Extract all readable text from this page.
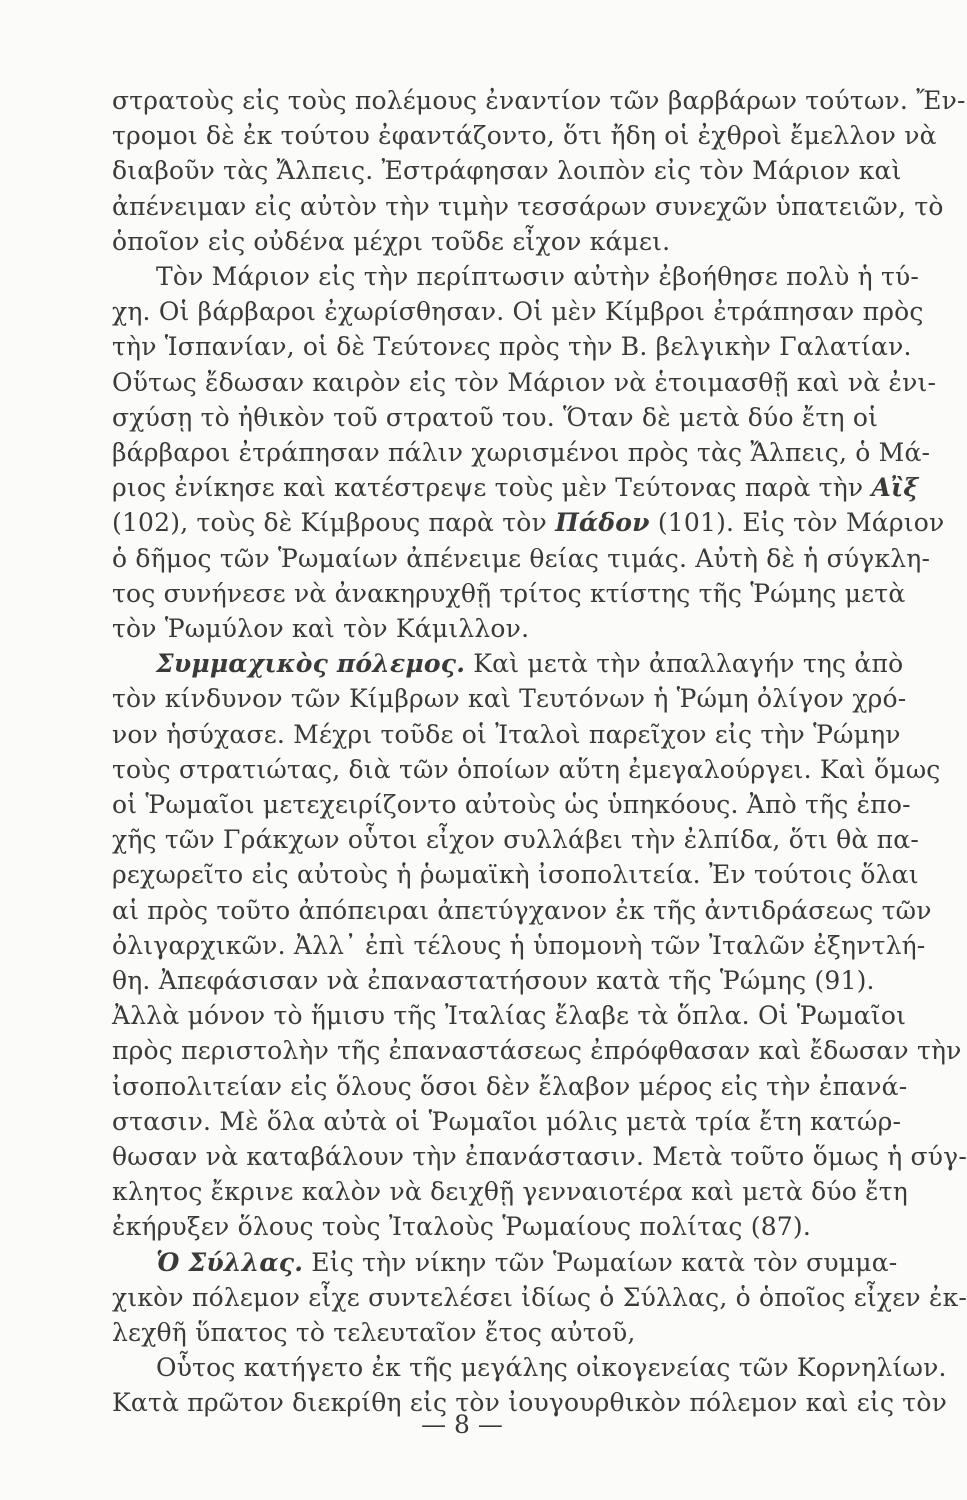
στρατοὺς εἰς τοὺς πολέμους ἐναντίον τῶν βαρβάρων τούτων. Ἔν-
τρομοι δὲ ἐκ τούτου ἐφαντάζοντο, ὅτι ἤδη οἱ ἐχθροὶ ἔμελλον νὰ
διαβοῦν τὰς Ἄλπεις. Ἐστράφησαν λοιπὸν εἰς τὸν Μάριον καὶ
ἀπένειμαν εἰς αὐτὸν τὴν τιμὴν τεσσάρων συνεχῶν ὑπατειῶν, τὸ
ὁποῖον εἰς οὐδένα μέχρι τοῦδε εἶχον κάμει.
Τὸν Μάριον εἰς τὴν περίπτωσιν αὐτὴν ἐβοήθησε πολὺ ἡ τύ-
χη. Οἱ βάρβαροι ἐχωρίσθησαν. Οἱ μὲν Κίμβροι ἐτράπησαν πρὸς
τὴν Ἱσπανίαν, οἱ δὲ Τεύτονες πρὸς τὴν Β. βελγικὴν Γαλατίαν.
Οὕτως ἔδωσαν καιρὸν εἰς τὸν Μάριον νὰ ἑτοιμασθῇ καὶ νὰ ἐνι-
σχύσῃ τὸ ἠθικὸν τοῦ στρατοῦ του. Ὅταν δὲ μετὰ δύο ἔτη οἱ
βάρβαροι ἐτράπησαν πάλιν χωρισμένοι πρὸς τὰς Ἄλπεις, ὁ Μά-
ριος ἐνίκησε καὶ κατέστρεψε τοὺς μὲν Τεύτονας παρὰ τὴν Αἲξ
(102), τοὺς δὲ Κίμβρους παρὰ τὸν Πάδον (101). Εἰς τὸν Μάριον
ὁ δῆμος τῶν Ῥωμαίων ἀπένειμε θείας τιμάς. Αὐτὴ δὲ ἡ σύγκλη-
τος συνήνεσε νὰ ἀνακηρυχθῇ τρίτος κτίστης τῆς Ῥώμης μετὰ
τὸν Ῥωμύλον καὶ τὸν Κάμιλλον.
Συμμαχικὸς πόλεμος. Καὶ μετὰ τὴν ἀπαλλαγήν της ἀπὸ
τὸν κίνδυνον τῶν Κίμβρων καὶ Τευτόνων ἡ Ῥώμη ὀλίγον χρό-
νον ἡσύχασε. Μέχρι τοῦδε οἱ Ἰταλοὶ παρεῖχον εἰς τὴν Ῥώμην
τοὺς στρατιώτας, διὰ τῶν ὁποίων αὕτη ἐμεγαλούργει. Καὶ ὅμως
οἱ Ῥωμαῖοι μετεχειρίζοντο αὐτοὺς ὡς ὑπηκόους. Ἀπὸ τῆς ἐπο-
χῆς τῶν Γράκχων οὗτοι εἶχον συλλάβει τὴν ἐλπίδα, ὅτι θὰ πα-
ρεχωρεῖτο εἰς αὐτοὺς ἡ ῥωμαϊκὴ ἰσοπολιτεία. Ἐν τούτοις ὅλαι
αἱ πρὸς τοῦτο ἀπόπειραι ἀπετύγχανον ἐκ τῆς ἀντιδράσεως τῶν
ὀλιγαρχικῶν. Ἀλλ᾽ ἐπὶ τέλους ἡ ὑπομονὴ τῶν Ἰταλῶν ἐξηντλή-
θη. Ἀπεφάσισαν νὰ ἐπαναστατήσουν κατὰ τῆς Ῥώμης (91).
Ἀλλὰ μόνον τὸ ἥμισυ τῆς Ἰταλίας ἔλαβε τὰ ὅπλα. Οἱ Ῥωμαῖοι
πρὸς περιστολὴν τῆς ἐπαναστάσεως ἐπρόφθασαν καὶ ἔδωσαν τὴν
ἰσοπολιτείαν εἰς ὅλους ὅσοι δὲν ἔλαβον μέρος εἰς τὴν ἐπανά-
στασιν. Μὲ ὅλα αὐτὰ οἱ Ῥωμαῖοι μόλις μετὰ τρία ἔτη κατώρ-
θωσαν νὰ καταβάλουν τὴν ἐπανάστασιν. Μετὰ τοῦτο ὅμως ἡ σύγ-
κλητος ἔκρινε καλὸν νὰ δειχθῇ γενναιοτέρα καὶ μετὰ δύο ἔτη
ἐκήρυξεν ὅλους τοὺς Ἰταλοὺς Ῥωμαίους πολίτας (87).
Ὁ Σύλλας. Εἰς τὴν νίκην τῶν Ῥωμαίων κατὰ τὸν συμμα-
χικὸν πόλεμον εἶχε συντελέσει ἰδίως ὁ Σύλλας, ὁ ὁποῖος εἶχεν ἐκ-
λεχθῆ ὕπατος τὸ τελευταῖον ἔτος αὐτοῦ,
Οὗτος κατήγετο ἐκ τῆς μεγάλης οἰκογενείας τῶν Κορνηλίων.
Κατὰ πρῶτον διεκρίθη εἰς τὸν ἰουγουρθικὸν πόλεμον καὶ εἰς τὸν
— 8 —
